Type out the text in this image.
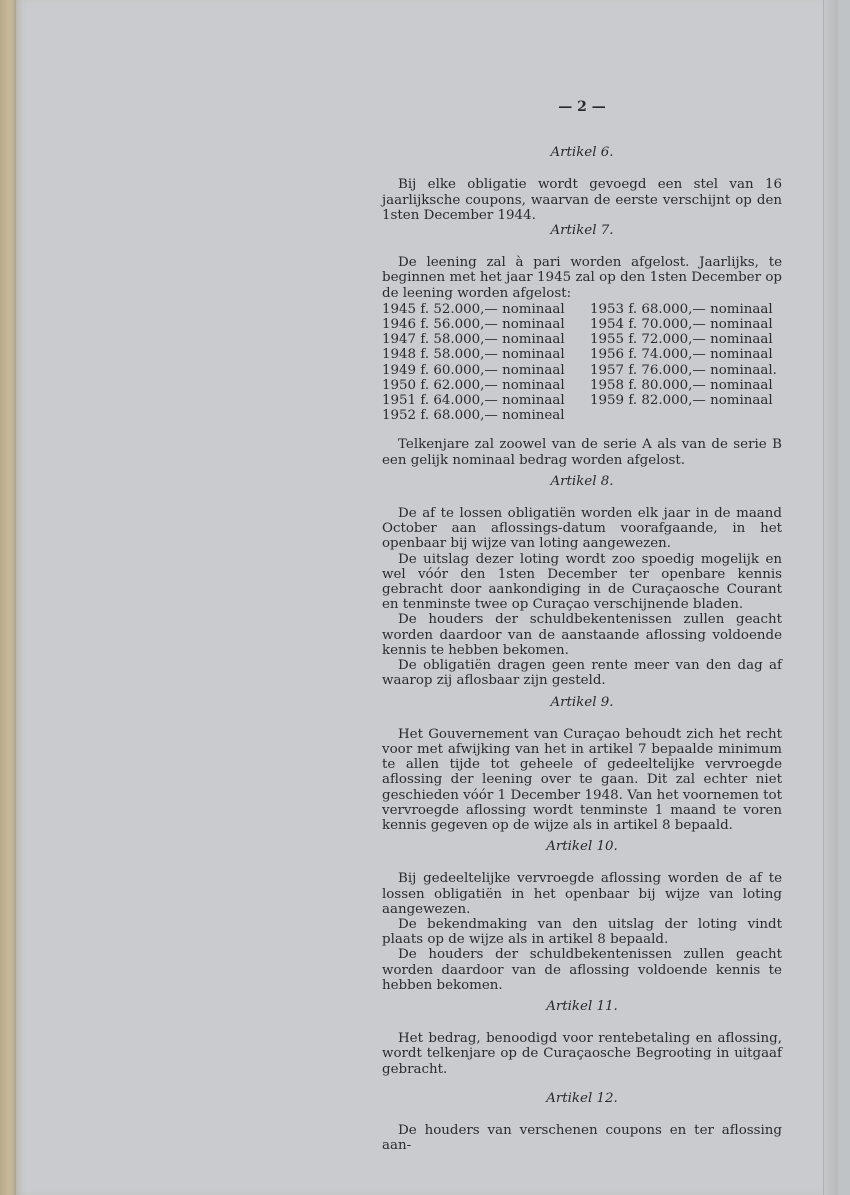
— 2 —
Artikel 6.

Bij elke obligatie wordt gevoegd een stel van 16 jaarlijksche coupons, waarvan de eerste verschijnt op den 1sten December 1944.

Artikel 7.

De leening zal à pari worden afgelost. Jaarlijks, te beginnen met het jaar 1945 zal op den 1sten December op de leening worden afgelost:

1945 f. 52.000,— nominaal
1946 f. 56.000,— nominaal
1947 f. 58.000,— nominaal
1948 f. 58.000,— nominaal
1949 f. 60.000,— nominaal
1950 f. 62.000,— nominaal
1951 f. 64.000,— nominaal
1952 f. 68.000,— nomineal
1953 f. 68.000,— nominaal
1954 f. 70.000,— nominaal
1955 f. 72.000,— nominaal
1956 f. 74.000,— nominaal
1957 f. 76.000,— nominaal.
1958 f. 80.000,— nominaal
1959 f. 82.000,— nominaal

Telkenjare zal zoowel van de serie A als van de serie B een gelijk nominaal bedrag worden afgelost.

Artikel 8.

De af te lossen obligatiën worden elk jaar in de maand October aan aflossings-datum voorafgaande, in het openbaar bij wijze van loting aangewezen.

De uitslag dezer loting wordt zoo spoedig mogelijk en wel vóór den 1sten December ter openbare kennis gebracht door aankondiging in de Curaçaosche Courant en tenminste twee op Curaçao verschijnende bladen.

De houders der schuldbekentenissen zullen geacht worden daardoor van de aanstaande aflossing voldoende kennis te hebben bekomen.

De obligatiën dragen geen rente meer van den dag af waarop zij aflosbaar zijn gesteld.

Artikel 9.

Het Gouvernement van Curaçao behoudt zich het recht voor met afwijking van het in artikel 7 bepaalde minimum te allen tijde tot geheele of gedeeltelijke vervroegde aflossing der leening over te gaan. Dit zal echter niet geschieden vóór 1 December 1948. Van het voornemen tot vervroegde aflossing wordt tenminste 1 maand te voren kennis gegeven op de wijze als in artikel 8 bepaald.

Artikel 10.

Bij gedeeltelijke vervroegde aflossing worden de af te lossen obligatiën in het openbaar bij wijze van loting aangewezen.

De bekendmaking van den uitslag der loting vindt plaats op de wijze als in artikel 8 bepaald.

De houders der schuldbekentenissen zullen geacht worden daardoor van de aflossing voldoende kennis te hebben bekomen.

Artikel 11.

Het bedrag, benoodigd voor rentebetaling en aflossing, wordt telkenjare op de Curaçaosche Begrooting in uitgaaf gebracht.

Artikel 12.

De houders van verschenen coupons en ter aflossing aan-
